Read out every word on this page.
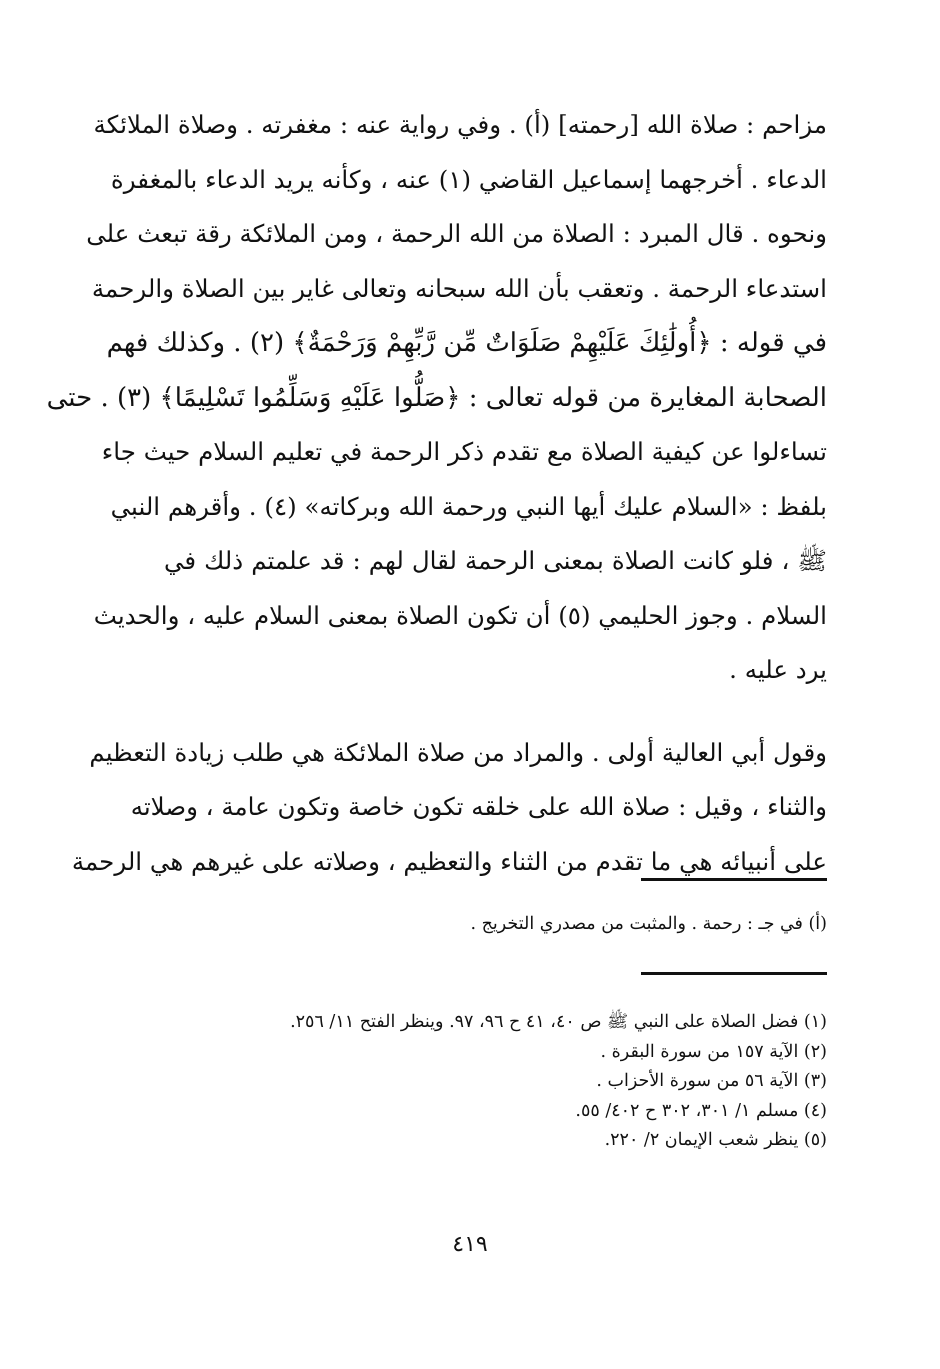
مزاحم : صلاة الله [رحمته] (أ) . وفي رواية عنه : مغفرته . وصلاة الملائكة
الدعاء . أخرجهما إسماعيل القاضي (١) عنه ، وكأنه يريد الدعاء بالمغفرة
ونحوه . قال المبرد : الصلاة من الله الرحمة ، ومن الملائكة رقة تبعث على
استدعاء الرحمة . وتعقب بأن الله سبحانه وتعالى غاير بين الصلاة والرحمة
في قوله : ﴿أُولَٰئِكَ عَلَيْهِمْ صَلَوَاتٌ مِّن رَّبِّهِمْ وَرَحْمَةٌ﴾ (٢) . وكذلك فهم
الصحابة المغايرة من قوله تعالى : ﴿صَلُّوا عَلَيْهِ وَسَلِّمُوا تَسْلِيمًا﴾ (٣) . حتى
تساءلوا عن كيفية الصلاة مع تقدم ذكر الرحمة في تعليم السلام حيث جاء
بلفظ : «السلام عليك أيها النبي ورحمة الله وبركاته» (٤) . وأقرهم النبي
ﷺ ، فلو كانت الصلاة بمعنى الرحمة لقال لهم : قد علمتم ذلك في
السلام . وجوز الحليمي (٥) أن تكون الصلاة بمعنى السلام عليه ، والحديث
يرد عليه .
وقول أبي العالية أولى . والمراد من صلاة الملائكة هي طلب زيادة التعظيم
والثناء ، وقيل : صلاة الله على خلقه تكون خاصة وتكون عامة ، وصلاته
على أنبيائه هي ما تقدم من الثناء والتعظيم ، وصلاته على غيرهم هي الرحمة
(أ) في جـ : رحمة . والمثبت من مصدري التخريج .
(١) فضل الصلاة على النبي ﷺ ص ٤٠، ٤١ ح ٩٦، ٩٧. وينظر الفتح ١١/ ٢٥٦.
(٢) الآية ١٥٧ من سورة البقرة .
(٣) الآية ٥٦ من سورة الأحزاب .
(٤) مسلم ١/ ٣٠١، ٣٠٢ ح ٤٠٢/ ٥٥.
(٥) ينظر شعب الإيمان ٢/ ٢٢٠.
٤١٩
